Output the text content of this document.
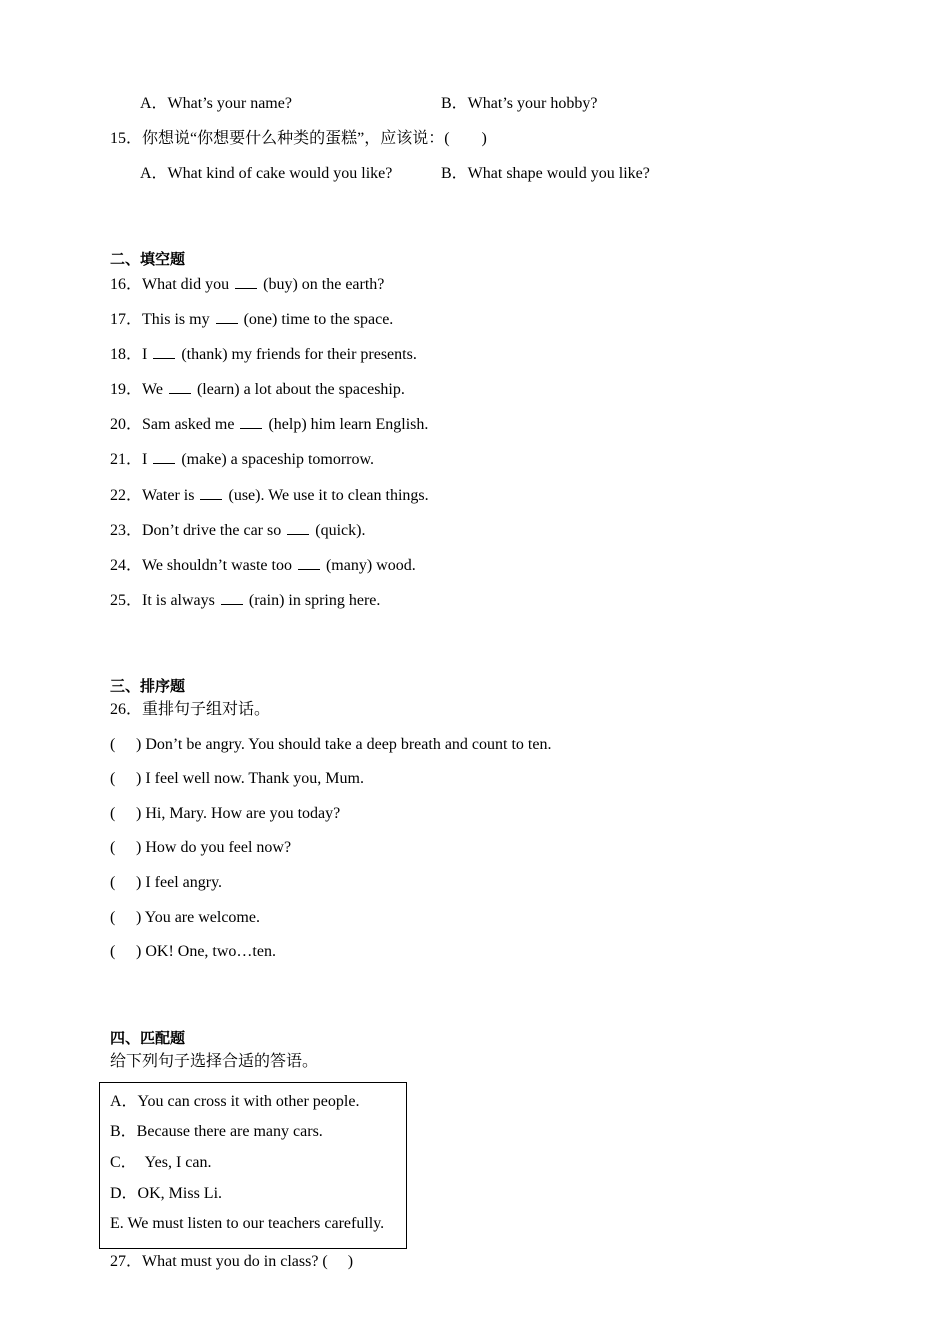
A．What’s your name?	B．What’s your hobby?
15．你想说“你想要什么种类的蛋糕”，应该说：(　　)
A．What kind of cake would you like?	B．What shape would you like?
二、填空题
16．What did you (buy) on the earth?
17．This is my (one) time to the space.
18．I (thank) my friends for their presents.
19．We (learn) a lot about the spaceship.
20．Sam asked me (help) him learn English.
21．I (make) a spaceship tomorrow.
22．Water is (use). We use it to clean things.
23．Don’t drive the car so (quick).
24．We shouldn’t waste too (many) wood.
25．It is always (rain) in spring here.
三、排序题
26．重排句子组对话。
( ) Don’t be angry. You should take a deep breath and count to ten.
( ) I feel well now. Thank you, Mum.
( ) Hi, Mary. How are you today?
( ) How do you feel now?
( ) I feel angry.
( ) You are welcome.
( ) OK! One, two…ten.
四、匹配题
给下列句子选择合适的答语。
A．You can cross it with other people.
B．Because there are many cars.
C．　Yes, I can.
D．OK, Miss Li.
E. We must listen to our teachers carefully.
27．What must you do in class? (　 )
